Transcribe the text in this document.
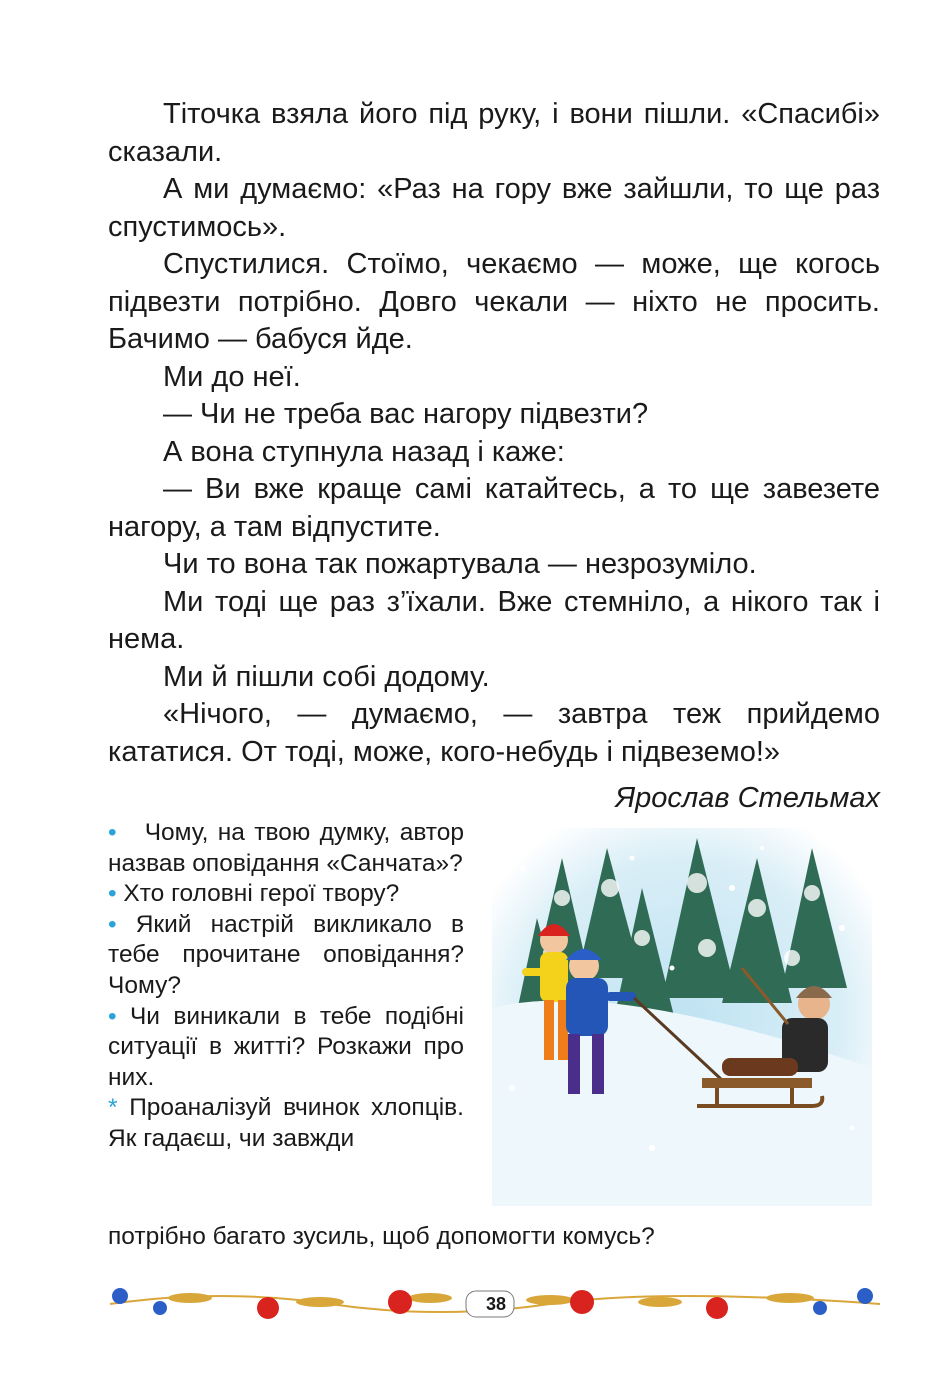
Тіточка взяла його під руку, і вони пішли. «Спасибі» сказали.

А ми думаємо: «Раз на гору вже зайшли, то ще раз спустимось».

Спустилися. Стоїмо, чекаємо — може, ще когось підвезти потрібно. Довго чекали — ніхто не просить. Бачимо — бабуся йде.

Ми до неї.

— Чи не треба вас нагору підвезти?

А вона ступнула назад і каже:

— Ви вже краще самі катайтесь, а то ще завезете нагору, а там відпустите.

Чи то вона так пожартувала — незрозуміло.

Ми тоді ще раз з’їхали. Вже стемніло, а нікого так і нема.

Ми й пішли собі додому.

«Нічого, — думаємо, — завтра теж прийдемо кататися. От тоді, може, кого-небудь і підвеземо!»

Ярослав Стельмах

• Чому, на твою думку, автор назвав оповідання «Санчата»?

• Хто головні герої твору?

• Який настрій викликало в тебе прочитане оповідання? Чому?

• Чи виникали в тебе подібні ситуації в житті? Розкажи про них.

* Проаналізуй вчинок хлопців. Як гадаєш, чи завжди

потрібно багато зусиль, щоб допомогти комусь?
38
